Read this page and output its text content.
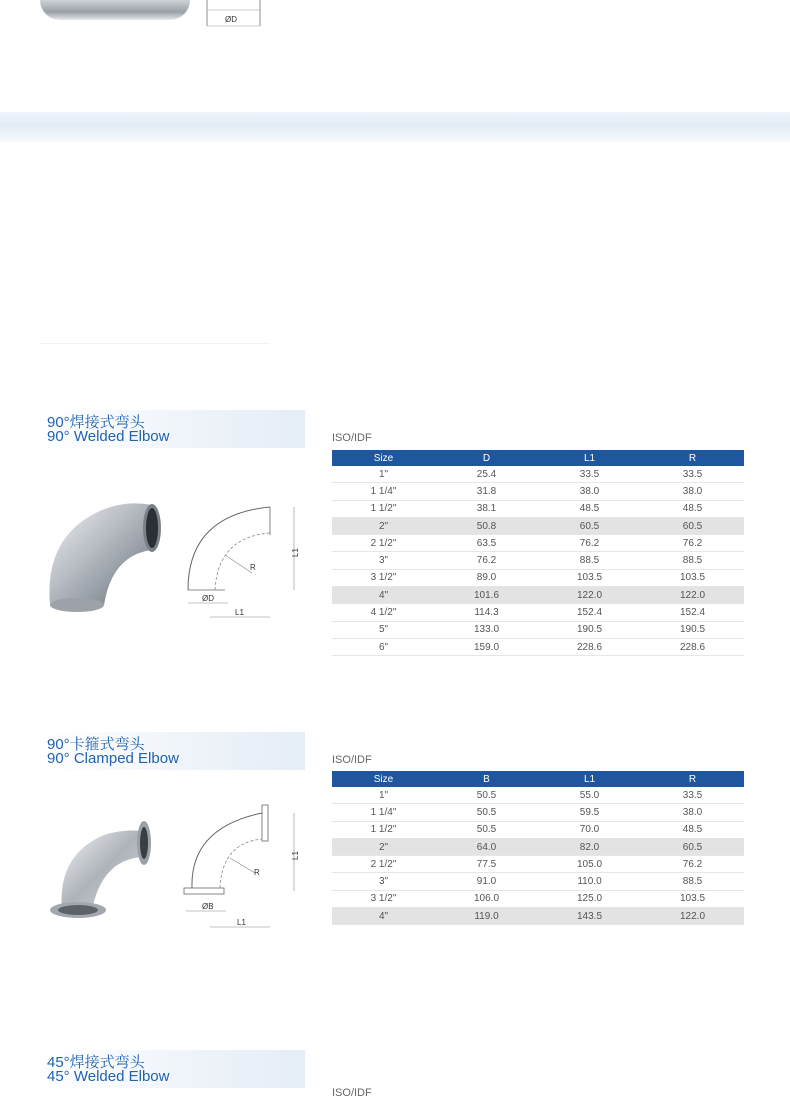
ØD
90°焊接式弯头
90° Welded Elbow
R
L1
ØD
L1
ISO/IDF
Size	D	L1	R
1"	25.4	33.5	33.5
1 1/4"	31.8	38.0	38.0
1 1/2"	38.1	48.5	48.5
2"	50.8	60.5	60.5
2 1/2"	63.5	76.2	76.2
3"	76.2	88.5	88.5
3 1/2"	89.0	103.5	103.5
4"	101.6	122.0	122.0
4 1/2"	114.3	152.4	152.4
5"	133.0	190.5	190.5
6"	159.0	228.6	228.6
90°卡箍式弯头
90° Clamped Elbow
R
L1
ØB
L1
ISO/IDF
Size	B	L1	R
1"	50.5	55.0	33.5
1 1/4"	50.5	59.5	38.0
1 1/2"	50.5	70.0	48.5
2"	64.0	82.0	60.5
2 1/2"	77.5	105.0	76.2
3"	91.0	110.0	88.5
3 1/2"	106.0	125.0	103.5
4"	119.0	143.5	122.0
45°焊接式弯头
45° Welded Elbow
ISO/IDF
